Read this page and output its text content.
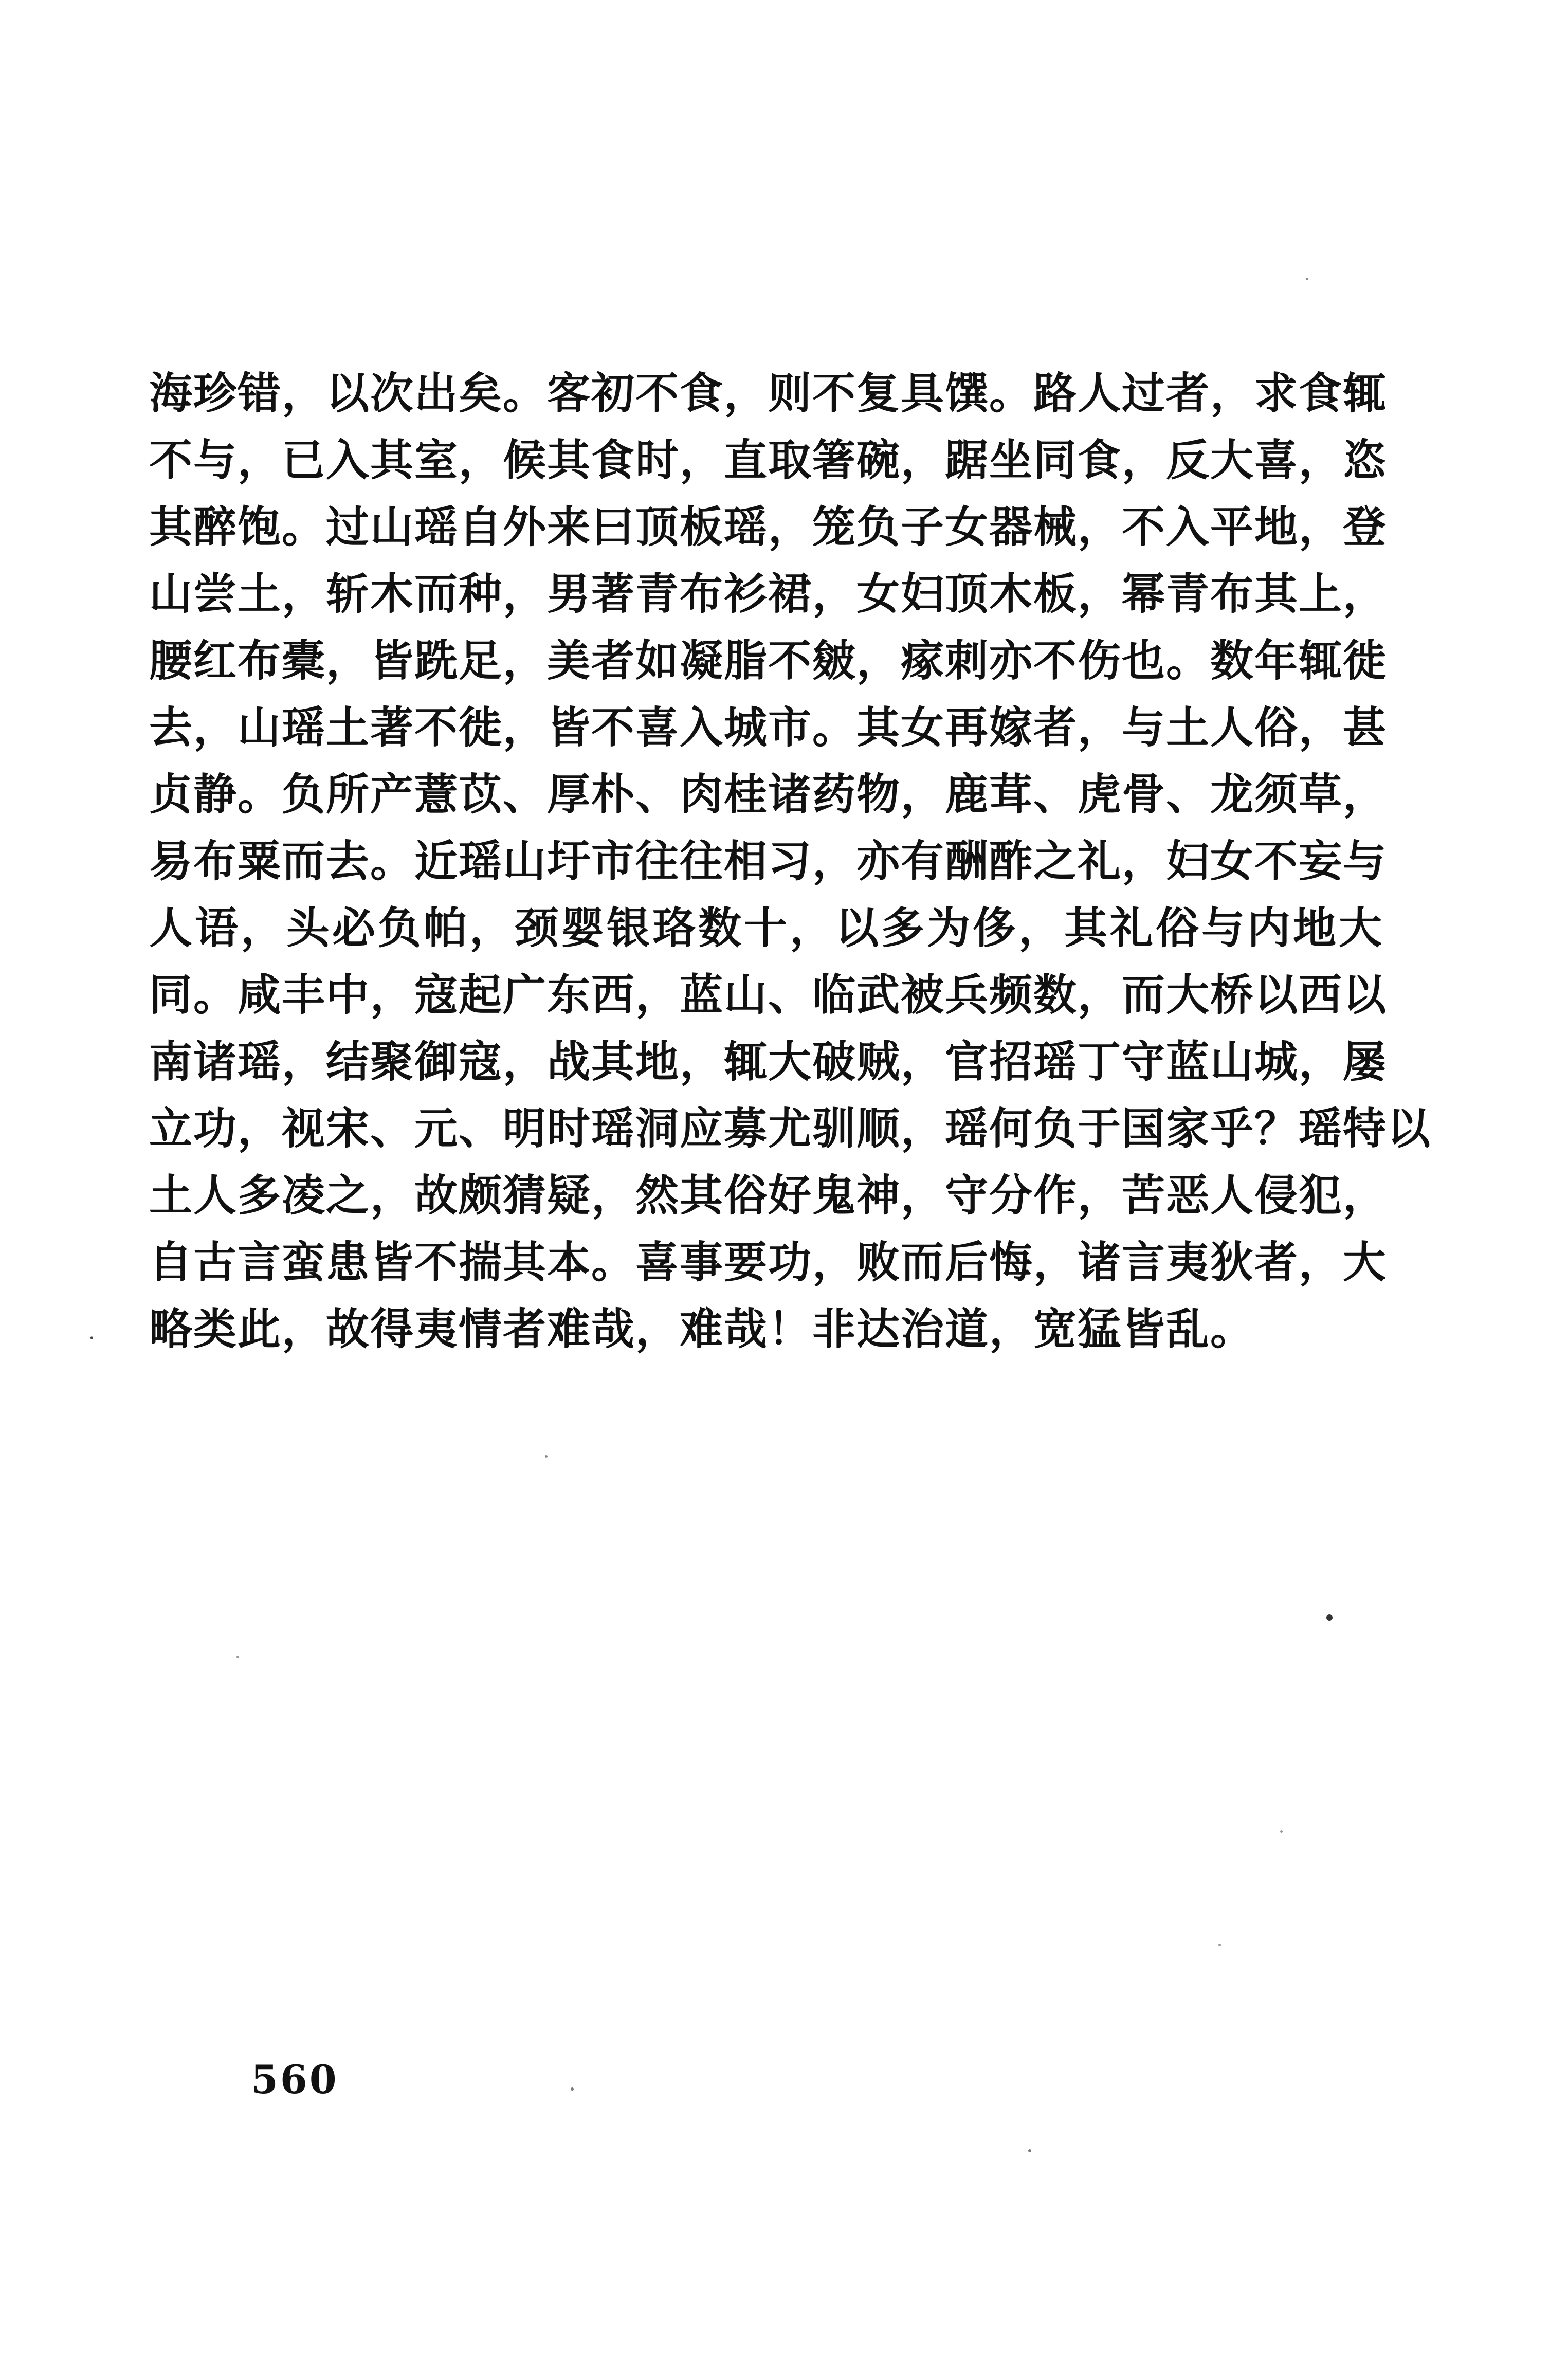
海珍错，以次出矣。客初不食，则不复具馔。路人过者，求食辄
不与，已入其室，候其食时，直取箸碗，踞坐同食，反大喜，恣
其醉饱。过山瑶自外来曰顶板瑶，笼负子女器械，不入平地，登
山尝土，斩木而种，男著青布衫裙，女妇顶木板，幂青布其上，
腰红布橐，皆跣足，美者如凝脂不皴，瘃刺亦不伤也。数年辄徙
去，山瑶土著不徙，皆不喜入城市。其女再嫁者，与土人俗，甚
贞静。负所产薏苡、厚朴、肉桂诸药物，鹿茸、虎骨、龙须草，
易布粟而去。近瑶山圩市往往相习，亦有酬酢之礼，妇女不妄与
人语，头必负帕，颈婴银珞数十，以多为侈，其礼俗与内地大
同。咸丰中，寇起广东西，蓝山、临武被兵频数，而大桥以西以
南诸瑶，结聚御寇，战其地，辄大破贼，官招瑶丁守蓝山城，屡
立功，视宋、元、明时瑶洞应募尤驯顺，瑶何负于国家乎？瑶特以
土人多凌之，故颇猜疑，然其俗好鬼神，守分作，苦恶人侵犯，
自古言蛮患皆不揣其本。喜事要功，败而后悔，诸言夷狄者，大
略类此，故得夷情者难哉，难哉！非达治道，宽猛皆乱。
·
560
